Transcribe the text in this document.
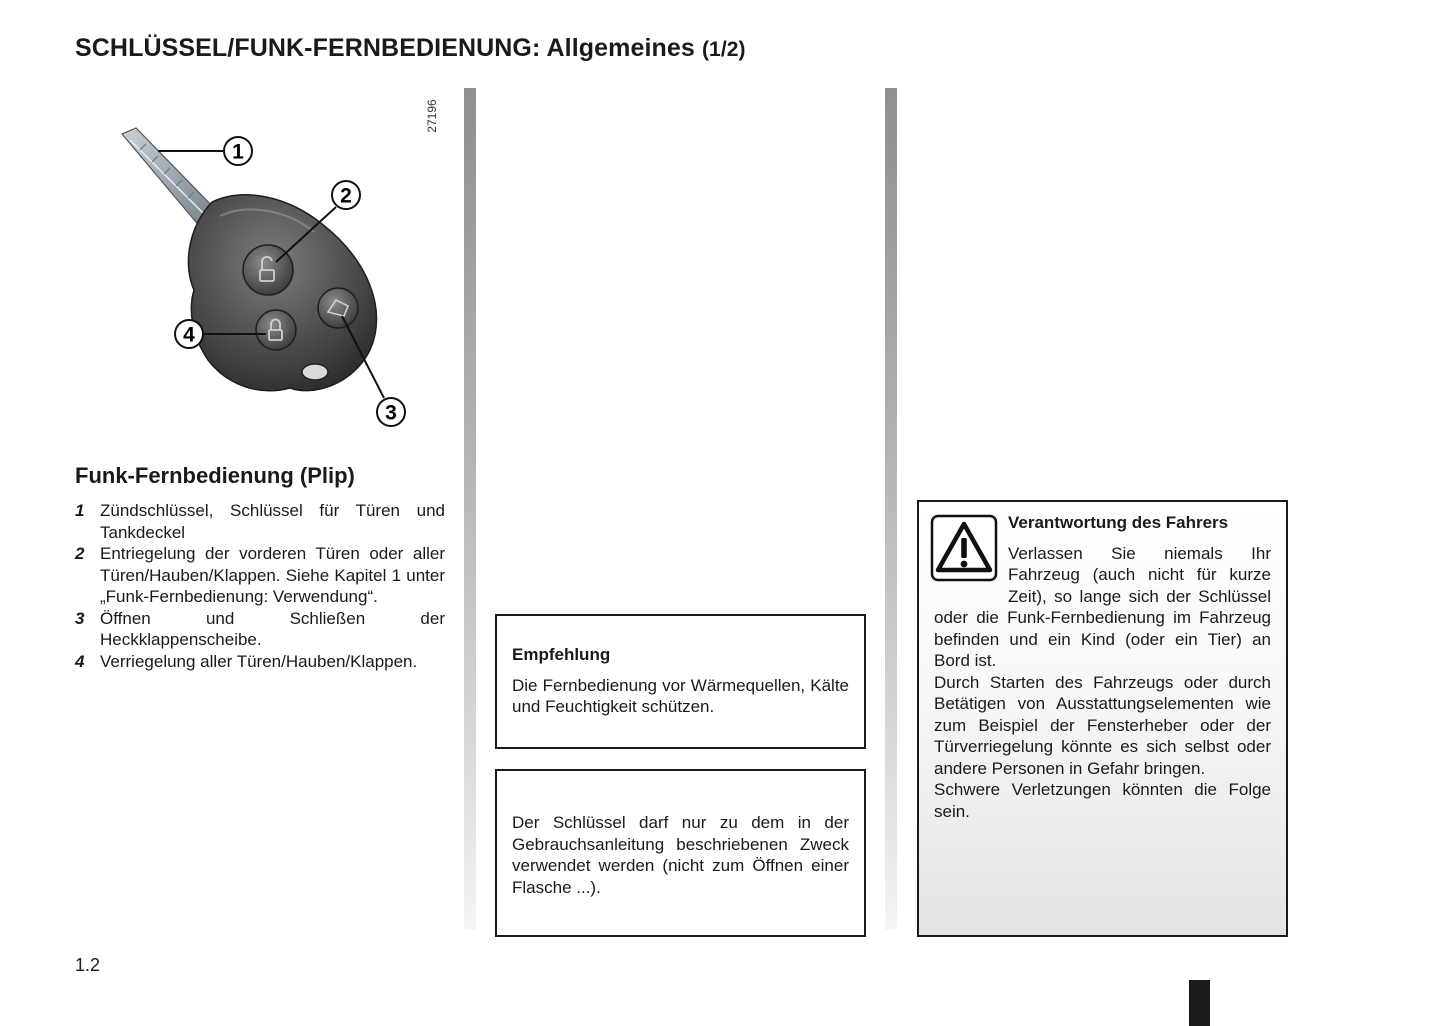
SCHLÜSSEL/FUNK-FERNBEDIENUNG: Allgemeines (1/2)
27196
1
2
3
4
Funk-Fernbedienung (Plip)
1 Zündschlüssel, Schlüssel für Türen und Tankdeckel
2 Entriegelung der vorderen Türen oder aller Türen/Hauben/Klappen. Siehe Kapitel 1 unter „Funk-Fernbedienung: Verwendung“.
3 Öffnen und Schließen der Heckklappenscheibe.
4 Verriegelung aller Türen/Hauben/Klappen.	Empfehlung
Die Fernbedienung vor Wärmequellen, Kälte und Feuchtigkeit schützen.
Der Schlüssel darf nur zu dem in der Gebrauchsanleitung beschriebenen Zweck verwendet werden (nicht zum Öffnen einer Flasche ...).
Verantwortung des Fahrers
Verlassen Sie niemals Ihr Fahrzeug (auch nicht für kurze Zeit), so lange sich der Schlüssel oder die Funk-Fernbedienung im Fahrzeug befinden und ein Kind (oder ein Tier) an Bord ist.
Durch Starten des Fahrzeugs oder durch Betätigen von Ausstattungselementen wie zum Beispiel der Fensterheber oder der Türverriegelung könnte es sich selbst oder andere Personen in Gefahr bringen.
Schwere Verletzungen könnten die Folge sein.
1.2
